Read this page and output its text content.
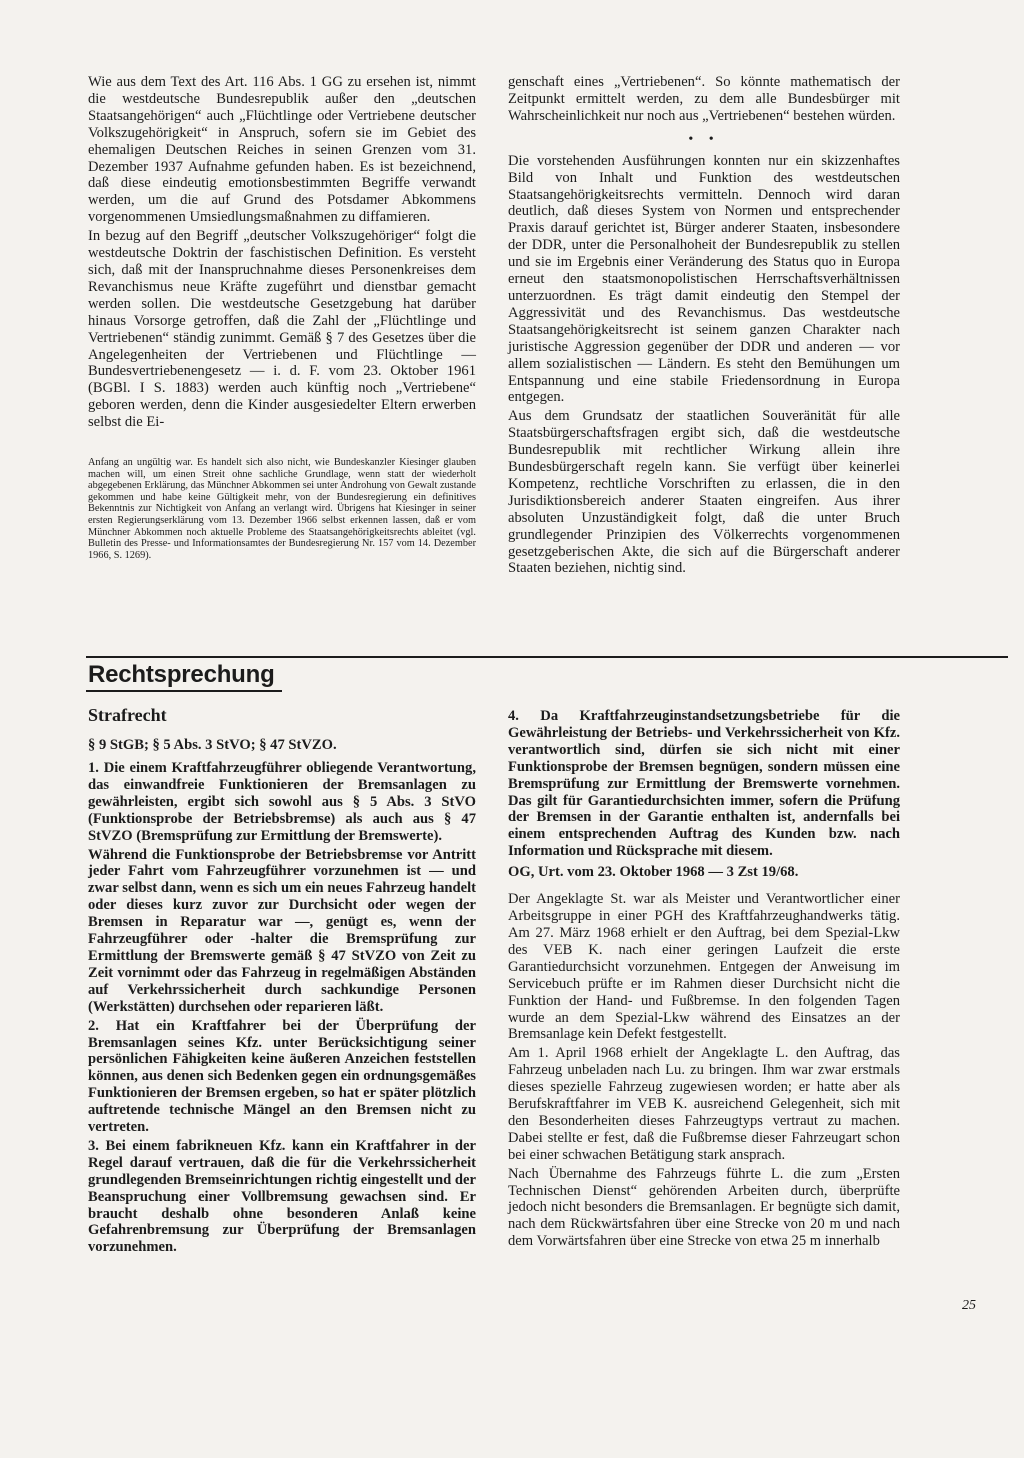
Wie aus dem Text des Art. 116 Abs. 1 GG zu ersehen ist, nimmt die westdeutsche Bundesrepublik außer den „deutschen Staatsangehörigen“ auch „Flüchtlinge oder Vertriebene deutscher Volkszugehörigkeit“ in Anspruch, sofern sie im Gebiet des ehemaligen Deutschen Reiches in seinen Grenzen vom 31. Dezember 1937 Aufnahme gefunden haben. Es ist bezeichnend, daß diese eindeutig emotionsbestimmten Begriffe verwandt werden, um die auf Grund des Potsdamer Abkommens vorgenommenen Umsiedlungsmaßnahmen zu diffamieren.

In bezug auf den Begriff „deutscher Volkszugehöriger“ folgt die westdeutsche Doktrin der faschistischen Definition. Es versteht sich, daß mit der Inanspruchnahme dieses Personenkreises dem Revanchismus neue Kräfte zugeführt und dienstbar gemacht werden sollen. Die westdeutsche Gesetzgebung hat darüber hinaus Vorsorge getroffen, daß die Zahl der „Flüchtlinge und Vertriebenen“ ständig zunimmt. Gemäß § 7 des Gesetzes über die Angelegenheiten der Vertriebenen und Flüchtlinge — Bundesvertriebenengesetz — i. d. F. vom 23. Oktober 1961 (BGBl. I S. 1883) werden auch künftig noch „Vertriebene“ geboren werden, denn die Kinder ausgesiedelter Eltern erwerben selbst die Ei-

Anfang an ungültig war. Es handelt sich also nicht, wie Bundeskanzler Kiesinger glauben machen will, um einen Streit ohne sachliche Grundlage, wenn statt der wiederholt abgegebenen Erklärung, das Münchner Abkommen sei unter Androhung von Gewalt zustande gekommen und habe keine Gültigkeit mehr, von der Bundesregierung ein definitives Bekenntnis zur Nichtigkeit von Anfang an verlangt wird. Übrigens hat Kiesinger in seiner ersten Regierungserklärung vom 13. Dezember 1966 selbst erkennen lassen, daß er vom Münchner Abkommen noch aktuelle Probleme des Staatsangehörigkeitsrechts ableitet (vgl. Bulletin des Presse- und Informationsamtes der Bundesregierung Nr. 157 vom 14. Dezember 1966, S. 1269).

genschaft eines „Vertriebenen“. So könnte mathematisch der Zeitpunkt ermittelt werden, zu dem alle Bundesbürger mit Wahrscheinlichkeit nur noch aus „Vertriebenen“ bestehen würden.

• •

Die vorstehenden Ausführungen konnten nur ein skizzenhaftes Bild von Inhalt und Funktion des westdeutschen Staatsangehörigkeitsrechts vermitteln. Dennoch wird daran deutlich, daß dieses System von Normen und entsprechender Praxis darauf gerichtet ist, Bürger anderer Staaten, insbesondere der DDR, unter die Personalhoheit der Bundesrepublik zu stellen und sie im Ergebnis einer Veränderung des Status quo in Europa erneut den staatsmonopolistischen Herrschaftsverhältnissen unterzuordnen. Es trägt damit eindeutig den Stempel der Aggressivität und des Revanchismus. Das westdeutsche Staatsangehörigkeitsrecht ist seinem ganzen Charakter nach juristische Aggression gegenüber der DDR und anderen — vor allem sozialistischen — Ländern. Es steht den Bemühungen um Entspannung und eine stabile Friedensordnung in Europa entgegen.

Aus dem Grundsatz der staatlichen Souveränität für alle Staatsbürgerschaftsfragen ergibt sich, daß die westdeutsche Bundesrepublik mit rechtlicher Wirkung allein ihre Bundesbürgerschaft regeln kann. Sie verfügt über keinerlei Kompetenz, rechtliche Vorschriften zu erlassen, die in den Jurisdiktionsbereich anderer Staaten eingreifen. Aus ihrer absoluten Unzuständigkeit folgt, daß die unter Bruch grundlegender Prinzipien des Völkerrechts vorgenommenen gesetzgeberischen Akte, die sich auf die Bürgerschaft anderer Staaten beziehen, nichtig sind.

Rechtsprechung
Strafrecht

§ 9 StGB; § 5 Abs. 3 StVO; § 47 StVZO.

1. Die einem Kraftfahrzeugführer obliegende Verantwortung, das einwandfreie Funktionieren der Bremsanlagen zu gewährleisten, ergibt sich sowohl aus § 5 Abs. 3 StVO (Funktionsprobe der Betriebsbremse) als auch aus § 47 StVZO (Bremsprüfung zur Ermittlung der Bremswerte).

Während die Funktionsprobe der Betriebsbremse vor Antritt jeder Fahrt vom Fahrzeugführer vorzunehmen ist — und zwar selbst dann, wenn es sich um ein neues Fahrzeug handelt oder dieses kurz zuvor zur Durchsicht oder wegen der Bremsen in Reparatur war —, genügt es, wenn der Fahrzeugführer oder -halter die Bremsprüfung zur Ermittlung der Bremswerte gemäß § 47 StVZO von Zeit zu Zeit vornimmt oder das Fahrzeug in regelmäßigen Abständen auf Verkehrssicherheit durch sachkundige Personen (Werkstätten) durchsehen oder reparieren läßt.

2. Hat ein Kraftfahrer bei der Überprüfung der Bremsanlagen seines Kfz. unter Berücksichtigung seiner persönlichen Fähigkeiten keine äußeren Anzeichen feststellen können, aus denen sich Bedenken gegen ein ordnungsgemäßes Funktionieren der Bremsen ergeben, so hat er später plötzlich auftretende technische Mängel an den Bremsen nicht zu vertreten.

3. Bei einem fabrikneuen Kfz. kann ein Kraftfahrer in der Regel darauf vertrauen, daß die für die Verkehrssicherheit grundlegenden Bremseinrichtungen richtig eingestellt und der Beanspruchung einer Vollbremsung gewachsen sind. Er braucht deshalb ohne besonderen Anlaß keine Gefahrenbremsung zur Überprüfung der Bremsanlagen vorzunehmen.

4. Da Kraftfahrzeuginstandsetzungsbetriebe für die Gewährleistung der Betriebs- und Verkehrssicherheit von Kfz. verantwortlich sind, dürfen sie sich nicht mit einer Funktionsprobe der Bremsen begnügen, sondern müssen eine Bremsprüfung zur Ermittlung der Bremswerte vornehmen. Das gilt für Garantiedurchsichten immer, sofern die Prüfung der Bremsen in der Garantie enthalten ist, andernfalls bei einem entsprechenden Auftrag des Kunden bzw. nach Information und Rücksprache mit diesem.

OG, Urt. vom 23. Oktober 1968 — 3 Zst 19/68.

Der Angeklagte St. war als Meister und Verantwortlicher einer Arbeitsgruppe in einer PGH des Kraftfahrzeughandwerks tätig. Am 27. März 1968 erhielt er den Auftrag, bei dem Spezial-Lkw des VEB K. nach einer geringen Laufzeit die erste Garantiedurchsicht vorzunehmen. Entgegen der Anweisung im Servicebuch prüfte er im Rahmen dieser Durchsicht nicht die Funktion der Hand- und Fußbremse. In den folgenden Tagen wurde an dem Spezial-Lkw während des Einsatzes an der Bremsanlage kein Defekt festgestellt.

Am 1. April 1968 erhielt der Angeklagte L. den Auftrag, das Fahrzeug unbeladen nach Lu. zu bringen. Ihm war zwar erstmals dieses spezielle Fahrzeug zugewiesen worden; er hatte aber als Berufskraftfahrer im VEB K. ausreichend Gelegenheit, sich mit den Besonderheiten dieses Fahrzeugtyps vertraut zu machen. Dabei stellte er fest, daß die Fußbremse dieser Fahrzeugart schon bei einer schwachen Betätigung stark ansprach.

Nach Übernahme des Fahrzeugs führte L. die zum „Ersten Technischen Dienst“ gehörenden Arbeiten durch, überprüfte jedoch nicht besonders die Bremsanlagen. Er begnügte sich damit, nach dem Rückwärtsfahren über eine Strecke von 20 m und nach dem Vorwärtsfahren über eine Strecke von etwa 25 m innerhalb

25
